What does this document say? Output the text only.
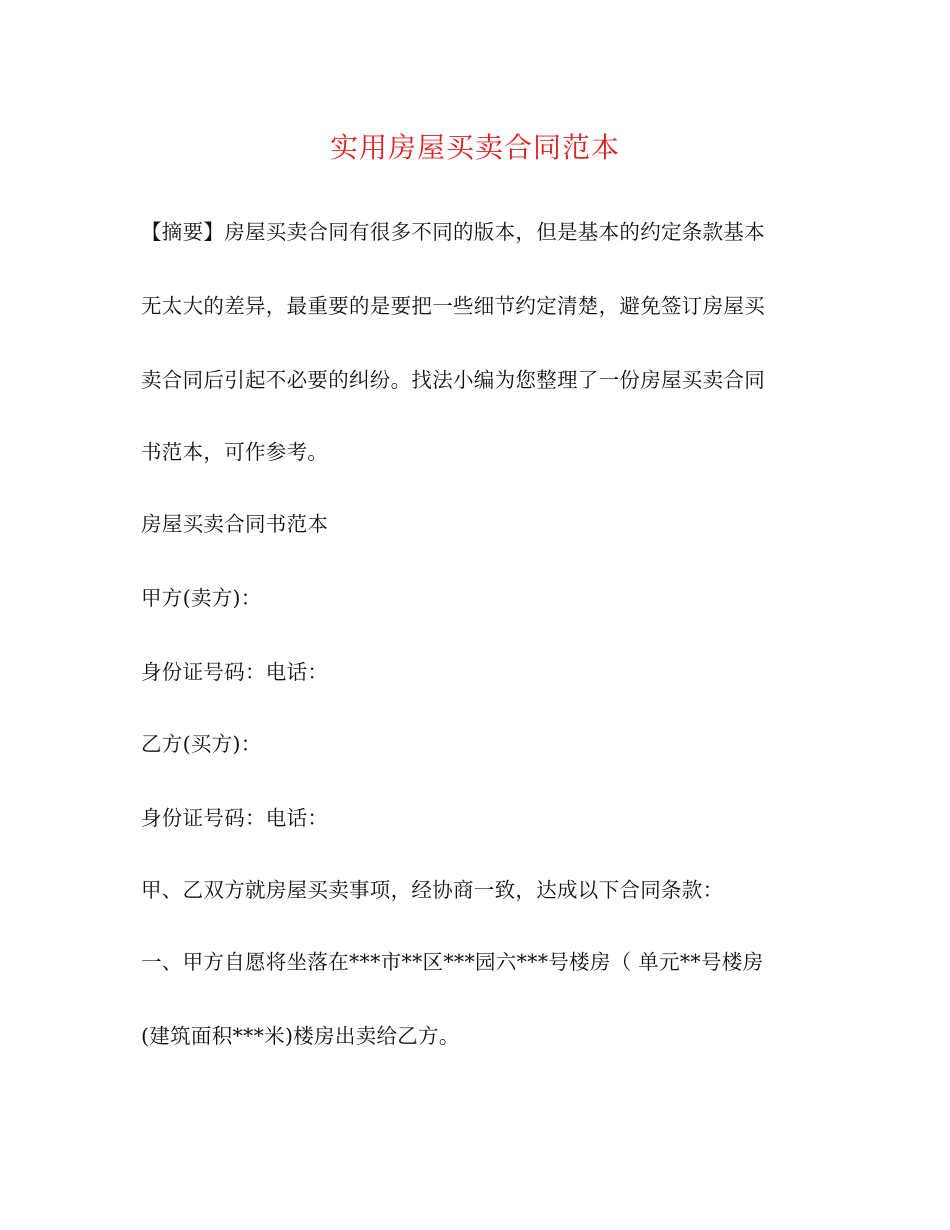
实用房屋买卖合同范本
【摘要】房屋买卖合同有很多不同的版本，但是基本的约定条款基本
无太大的差异，最重要的是要把一些细节约定清楚，避免签订房屋买
卖合同后引起不必要的纠纷。找法小编为您整理了一份房屋买卖合同
书范本，可作参考。
房屋买卖合同书范本
甲方(卖方)：
身份证号码：电话：
乙方(买方)：
身份证号码：电话：
甲、乙双方就房屋买卖事项，经协商一致，达成以下合同条款：
一、甲方自愿将坐落在***市**区***园六***号楼房（ 单元**号楼房
(建筑面积***米)楼房出卖给乙方。
